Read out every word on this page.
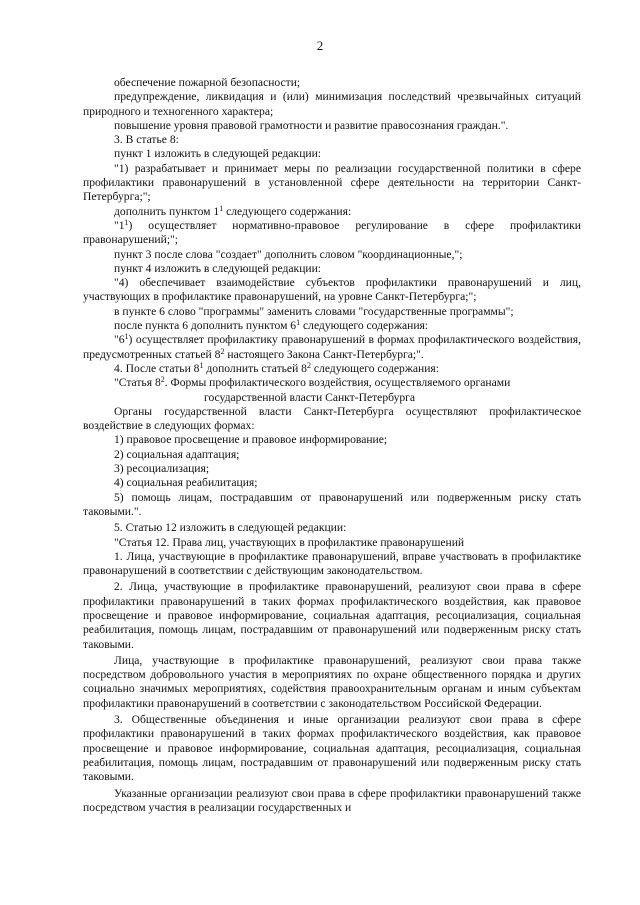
2

обеспечение пожарной безопасности;

предупреждение, ликвидация и (или) минимизация последствий чрезвычайных ситуаций природного и техногенного характера;

повышение уровня правовой грамотности и развитие правосознания граждан.".

3. В статье 8:

пункт 1 изложить в следующей редакции:

"1) разрабатывает и принимает меры по реализации государственной политики в сфере профилактики правонарушений в установленной сфере деятельности на территории Санкт-Петербурга;";

дополнить пунктом $1^1$ следующего содержания:

"$1^1$) осуществляет нормативно-правовое регулирование в сфере профилактики правонарушений;";

пункт 3 после слова "создает" дополнить словом "координационные,";

пункт 4 изложить в следующей редакции:

"4) обеспечивает взаимодействие субъектов профилактики правонарушений и лиц, участвующих в профилактике правонарушений, на уровне Санкт-Петербурга;";

в пункте 6 слово "программы" заменить словами "государственные программы";

после пункта 6 дополнить пунктом $6^1$ следующего содержания:

"$6^1$) осуществляет профилактику правонарушений в формах профилактического воздействия, предусмотренных статьей $8^2$ настоящего Закона Санкт-Петербурга;".

4. После статьи $8^1$ дополнить статьей $8^2$ следующего содержания:

"Статья $8^2$. Формы профилактического воздействия, осуществляемого органами

государственной власти Санкт-Петербурга

Органы государственной власти Санкт-Петербурга осуществляют профилактическое воздействие в следующих формах:

1) правовое просвещение и правовое информирование;

2) социальная адаптация;

3) ресоциализация;

4) социальная реабилитация;

5) помощь лицам, пострадавшим от правонарушений или подверженным риску стать таковыми.".

5. Статью 12 изложить в следующей редакции:

"Статья 12. Права лиц, участвующих в профилактике правонарушений

1. Лица, участвующие в профилактике правонарушений, вправе участвовать в профилактике правонарушений в соответствии с действующим законодательством.

2. Лица, участвующие в профилактике правонарушений, реализуют свои права в сфере профилактики правонарушений в таких формах профилактического воздействия, как правовое просвещение и правовое информирование, социальная адаптация, ресоциализация, социальная реабилитация, помощь лицам, пострадавшим от правонарушений или подверженным риску стать таковыми.

Лица, участвующие в профилактике правонарушений, реализуют свои права также посредством добровольного участия в мероприятиях по охране общественного порядка и других социально значимых мероприятиях, содействия правоохранительным органам и иным субъектам профилактики правонарушений в соответствии с законодательством Российской Федерации.

3. Общественные объединения и иные организации реализуют свои права в сфере профилактики правонарушений в таких формах профилактического воздействия, как правовое просвещение и правовое информирование, социальная адаптация, ресоциализация, социальная реабилитация, помощь лицам, пострадавшим от правонарушений или подверженным риску стать таковыми.

Указанные организации реализуют свои права в сфере профилактики правонарушений также посредством участия в реализации государственных и
